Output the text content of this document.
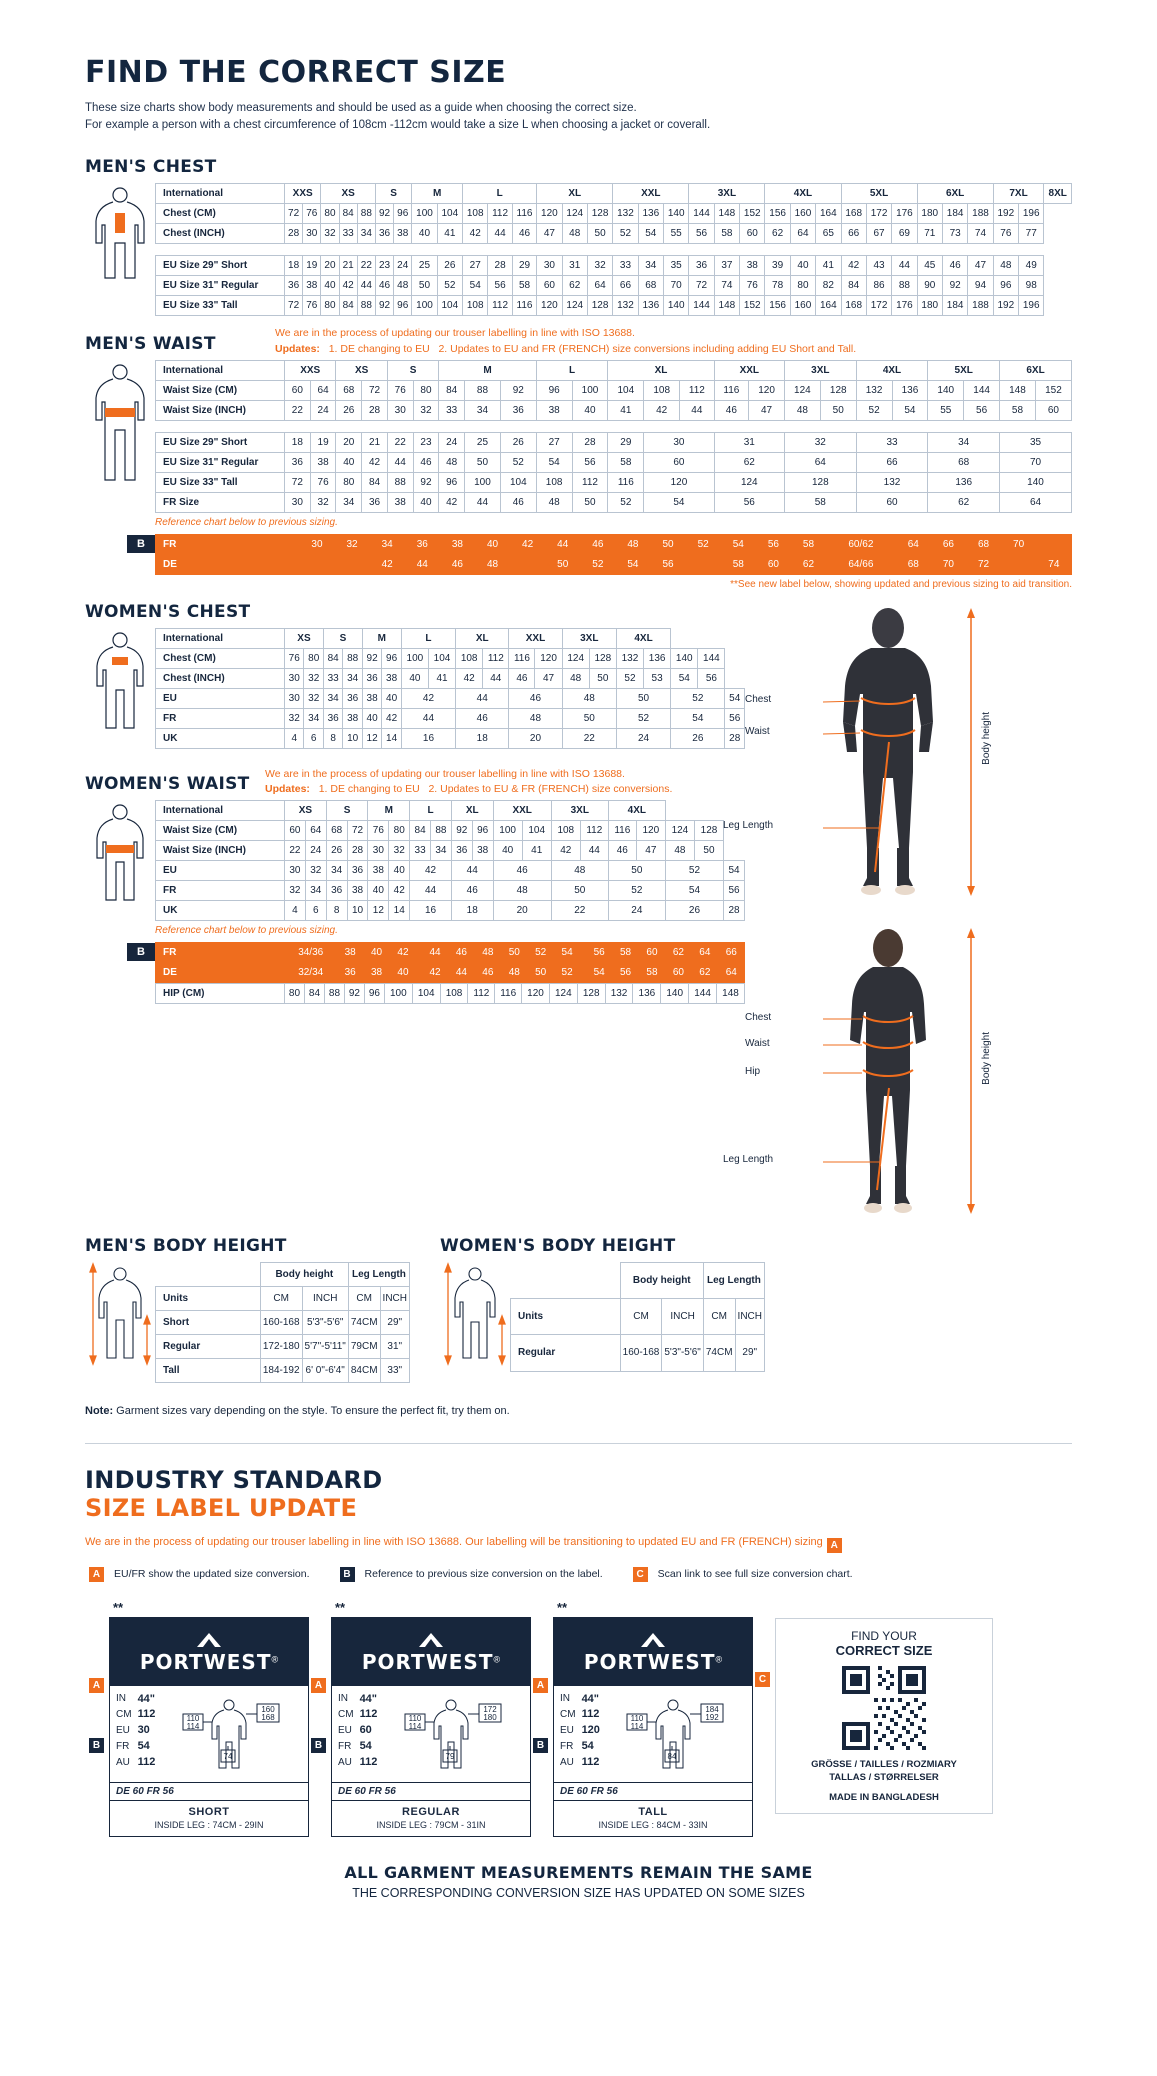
FIND THE CORRECT SIZE
These size charts show body measurements and should be used as a guide when choosing the correct size.
For example a person with a chest circumference of 108cm -112cm would take a size L when choosing a jacket or coverall.
MEN'S CHEST
International	XXS		XS			S		M		L			XL			XXL			3XL			4XL			5XL			6XL			7XL		8XL
Chest (CM)	72	76	80	84	88	92	96	100	104	108	112	116	120	124	128	132	136	140	144	148	152	156	160	164	168	172	176	180	184	188	192	196	
Chest (INCH)	28	30	32	33	34	36	38	40	41	42	44	46	47	48	50	52	54	55	56	58	60	62	64	65	66	67	69	71	73	74	76	77	

EU Size 29" Short	18	19	20	21	22	23	24	25	26	27	28	29	30	31	32	33	34	35	36	37	38	39	40	41	42	43	44	45	46	47	48	49	
EU Size 31" Regular	36	38	40	42	44	46	48	50	52	54	56	58	60	62	64	66	68	70	72	74	76	78	80	82	84	86	88	90	92	94	96	98	
EU Size 33" Tall	72	76	80	84	88	92	96	100	104	108	112	116	120	124	128	132	136	140	144	148	152	156	160	164	168	172	176	180	184	188	192	196	
MEN'S WAIST
We are in the process of updating our trouser labelling in line with ISO 13688.
Updates: 1. DE changing to EU 2. Updates to EU and FR (FRENCH) size conversions including adding EU Short and Tall.
International	XXS		XS		S		M			L		XL			XXL		3XL		4XL		5XL		6XL	
Waist Size (CM)	60	64	68	72	76	80	84	88	92	96	100	104	108	112	116	120	124	128	132	136	140	144	148	152
Waist Size (INCH)	22	24	26	28	30	32	33	34	36	38	40	41	42	44	46	47	48	50	52	54	55	56	58	60

EU Size 29" Short	18	19	20	21	22	23	24	25	26	27	28	29	30		31		32		33		34		35	
EU Size 31" Regular	36	38	40	42	44	46	48	50	52	54	56	58	60		62		64		66		68		70	
EU Size 33" Tall	72	76	80	84	88	92	96	100	104	108	112	116	120		124		128		132		136		140	
FR Size	30	32	34	36	38	40	42	44	46	48	50	52	54		56		58		60		62		64	
Reference chart below to previous sizing.
B	FR			30	32	34	36	38	40	42	44	46	48	50	52	54	56	58	60/62	64	66	68	70	
DE					42	44	46	48		50	52	54	56		58	60	62	64/66	68	70	72		74
**See new label below, showing updated and previous sizing to aid transition.
WOMEN'S CHEST
International	XS		S		M		L		XL		XXL		3XL		4XL				
Chest (CM)	76	80	84	88	92	96	100	104	108	112	116	120	124	128	132	136	140	144	
Chest (INCH)	30	32	33	34	36	38	40	41	42	44	46	47	48	50	52	53	54	56	
EU	30	32	34	36	38	40	42		44		46		48		50		52		54
FR	32	34	36	38	40	42	44		46		48		50		52		54		56
UK	4	6	8	10	12	14	16		18		20		22		24		26		28
WOMEN'S WAIST
We are in the process of updating our trouser labelling in line with ISO 13688.
Updates: 1. DE changing to EU 2. Updates to EU & FR (FRENCH) size conversions.
International	XS		S		M		L		XL		XXL		3XL		4XL				
Waist Size (CM)	60	64	68	72	76	80	84	88	92	96	100	104	108	112	116	120	124	128	
Waist Size (INCH)	22	24	26	28	30	32	33	34	36	38	40	41	42	44	46	47	48	50	
EU	30	32	34	36	38	40	42		44		46		48		50		52		54
FR	32	34	36	38	40	42	44		46		48		50		52		54		56
UK	4	6	8	10	12	14	16		18		20		22		24		26		28
Reference chart below to previous sizing.
B	FR	34/36	38	40	42		44	46	48	50	52	54		56	58	60	62	64	66
DE	32/34	36	38	40		42	44	46	48	50	52		54	56	58	60	62	64
HIP (CM)	80	84	88	92	96	100	104	108	112	116	120	124	128	132	136	140	144	148
Chest
Waist
Leg Length
Body height
Chest
Waist
Hip
Leg Length
Body height
MEN'S BODY HEIGHT
	Body height		Leg Length	
Units	CM	INCH	CM	INCH
Short	160-168	5'3"-5'6"	74CM	29"
Regular	172-180	5'7"-5'11"	79CM	31"
Tall	184-192	6' 0"-6'4"	84CM	33"
WOMEN'S BODY HEIGHT
	Body height		Leg Length	
Units	CM	INCH	CM	INCH
Regular	160-168	5'3"-5'6"	74CM	29"
Note: Garment sizes vary depending on the style. To ensure the perfect fit, try them on.
INDUSTRY STANDARD
SIZE LABEL UPDATE
We are in the process of updating our trouser labelling in line with ISO 13688. Our labelling will be transitioning to updated EU and FR (FRENCH) sizing A
A	EU/FR show the updated size conversion.	B	Reference to previous size conversion on the label.	C	Scan link to see full size conversion chart.
**
PORTWEST®
IN	44"
CM	112
EU	30
FR	54
AU	112
110
114
160
168
74
DE 60 FR 56
SHORT
INSIDE LEG : 74CM - 29IN
A
B
**
PORTWEST®
IN	44"
CM	112
EU	60
FR	54
AU	112
110
114
172
180
79
DE 60 FR 56
REGULAR
INSIDE LEG : 79CM - 31IN
A
B
**
PORTWEST®
IN	44"
CM	112
EU	120
FR	54
AU	112
110
114
184
192
84
DE 60 FR 56
TALL
INSIDE LEG : 84CM - 33IN
A
B
C
FIND YOUR
CORRECT SIZE
GRÖSSE / TAILLES / ROZMIARY
TALLAS / STØRRELSER
MADE IN BANGLADESH
ALL GARMENT MEASUREMENTS REMAIN THE SAME
THE CORRESPONDING CONVERSION SIZE HAS UPDATED ON SOME SIZES
